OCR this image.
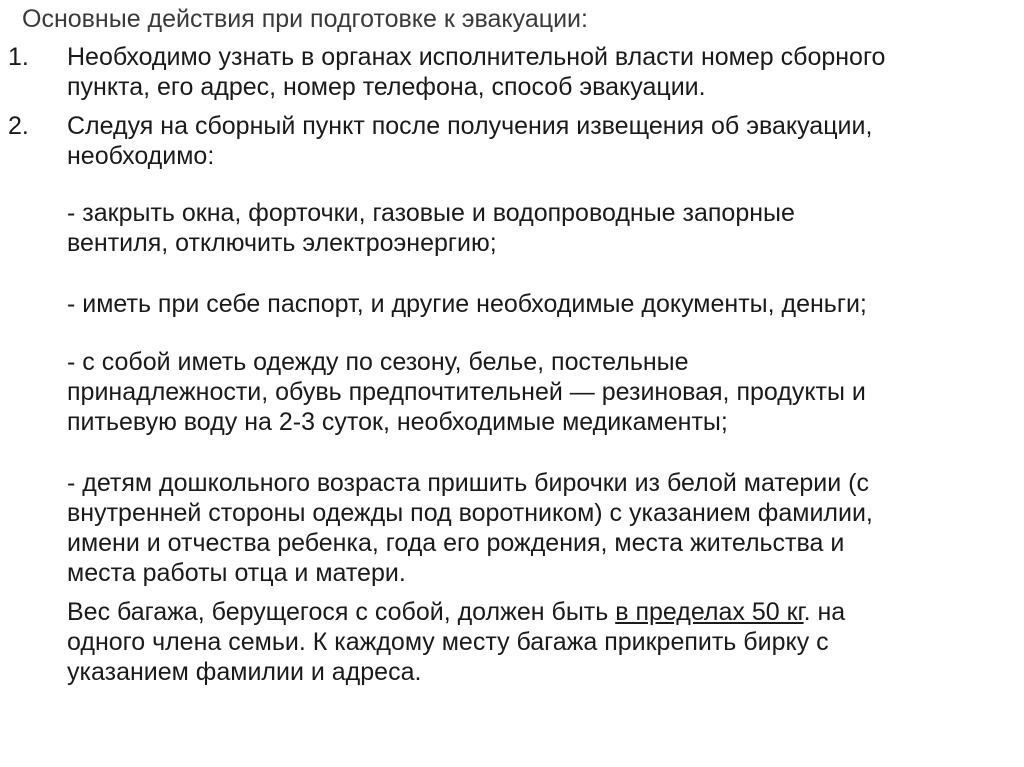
Основные действия при подготовке к эвакуации:
1. Необходимо узнать в органах исполнительной власти номер сборного
пункта, его адрес, номер телефона, способ эвакуации.
2. Следуя на сборный пункт после получения извещения об эвакуации,
необходимо:
- закрыть окна, форточки, газовые и водопроводные запорные
вентиля, отключить электроэнергию;
- иметь при себе паспорт, и другие необходимые документы, деньги;
- с собой иметь одежду по сезону, белье, постельные
принадлежности, обувь предпочтительней — резиновая, продукты и
питьевую воду на 2-3 суток, необходимые медикаменты;
- детям дошкольного возраста пришить бирочки из белой материи (с
внутренней стороны одежды под воротником) с указанием фамилии,
имени и отчества ребенка, года его рождения, места жительства и
места работы отца и матери.
Вес багажа, берущегося с собой, должен быть в пределах 50 кг. на
одного члена семьи. К каждому месту багажа прикрепить бирку с
указанием фамилии и адреса.
